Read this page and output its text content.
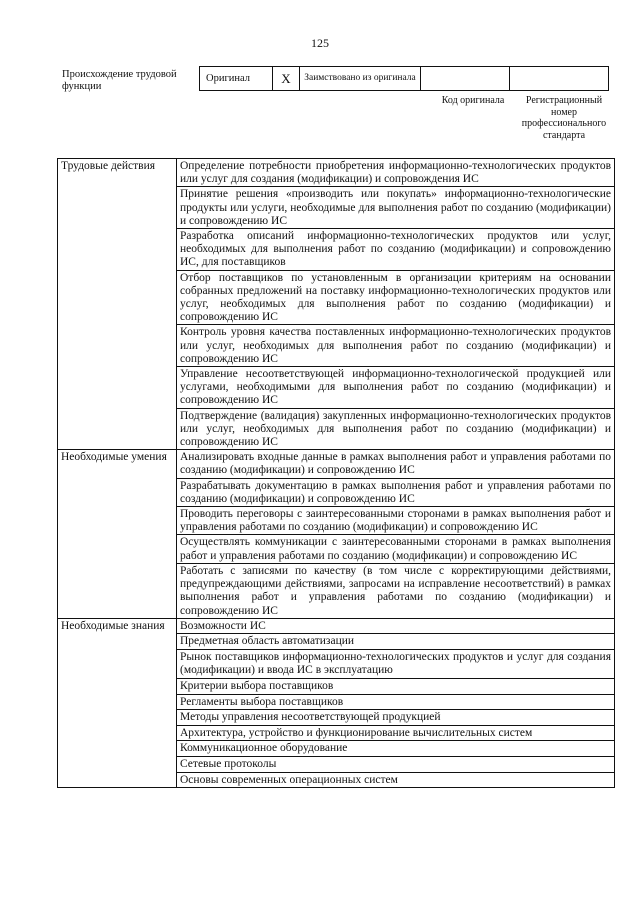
125
Происхождение трудовой функции
Оригинал	X	Заимствовано из оригинала		
Код оригинала	Регистрационный номер профессионального стандарта
Трудовые действия	Определение потребности приобретения информационно-технологических продуктов или услуг для создания (модификации) и сопровождения ИС
	Принятие решения «производить или покупать» информационно-технологические продукты или услуги, необходимые для выполнения работ по созданию (модификации) и сопровождению ИС
	Разработка описаний информационно-технологических продуктов или услуг, необходимых для выполнения работ по созданию (модификации) и сопровождению ИС, для поставщиков
	Отбор поставщиков по установленным в организации критериям на основании собранных предложений на поставку информационно-технологических продуктов или услуг, необходимых для выполнения работ по созданию (модификации) и сопровождению ИС
	Контроль уровня качества поставленных информационно-технологических продуктов или услуг, необходимых для выполнения работ по созданию (модификации) и сопровождению ИС
	Управление несоответствующей информационно-технологической продукцией или услугами, необходимыми для выполнения работ по созданию (модификации) и сопровождению ИС
	Подтверждение (валидация) закупленных информационно-технологических продуктов или услуг, необходимых для выполнения работ по созданию (модификации) и сопровождению ИС
Необходимые умения	Анализировать входные данные в рамках выполнения работ и управления работами по созданию (модификации) и сопровождению ИС
	Разрабатывать документацию в рамках выполнения работ и управления работами по созданию (модификации) и сопровождению ИС
	Проводить переговоры с заинтересованными сторонами в рамках выполнения работ и управления работами по созданию (модификации) и сопровождению ИС
	Осуществлять коммуникации с заинтересованными сторонами в рамках выполнения работ и управления работами по созданию (модификации) и сопровождению ИС
	Работать с записями по качеству (в том числе с корректирующими действиями, предупреждающими действиями, запросами на исправление несоответствий) в рамках выполнения работ и управления работами по созданию (модификации) и сопровождению ИС
Необходимые знания	Возможности ИС
	Предметная область автоматизации
	Рынок поставщиков информационно-технологических продуктов и услуг для создания (модификации) и ввода ИС в эксплуатацию
	Критерии выбора поставщиков
	Регламенты выбора поставщиков
	Методы управления несоответствующей продукцией
	Архитектура, устройство и функционирование вычислительных систем
	Коммуникационное оборудование
	Сетевые протоколы
	Основы современных операционных систем
